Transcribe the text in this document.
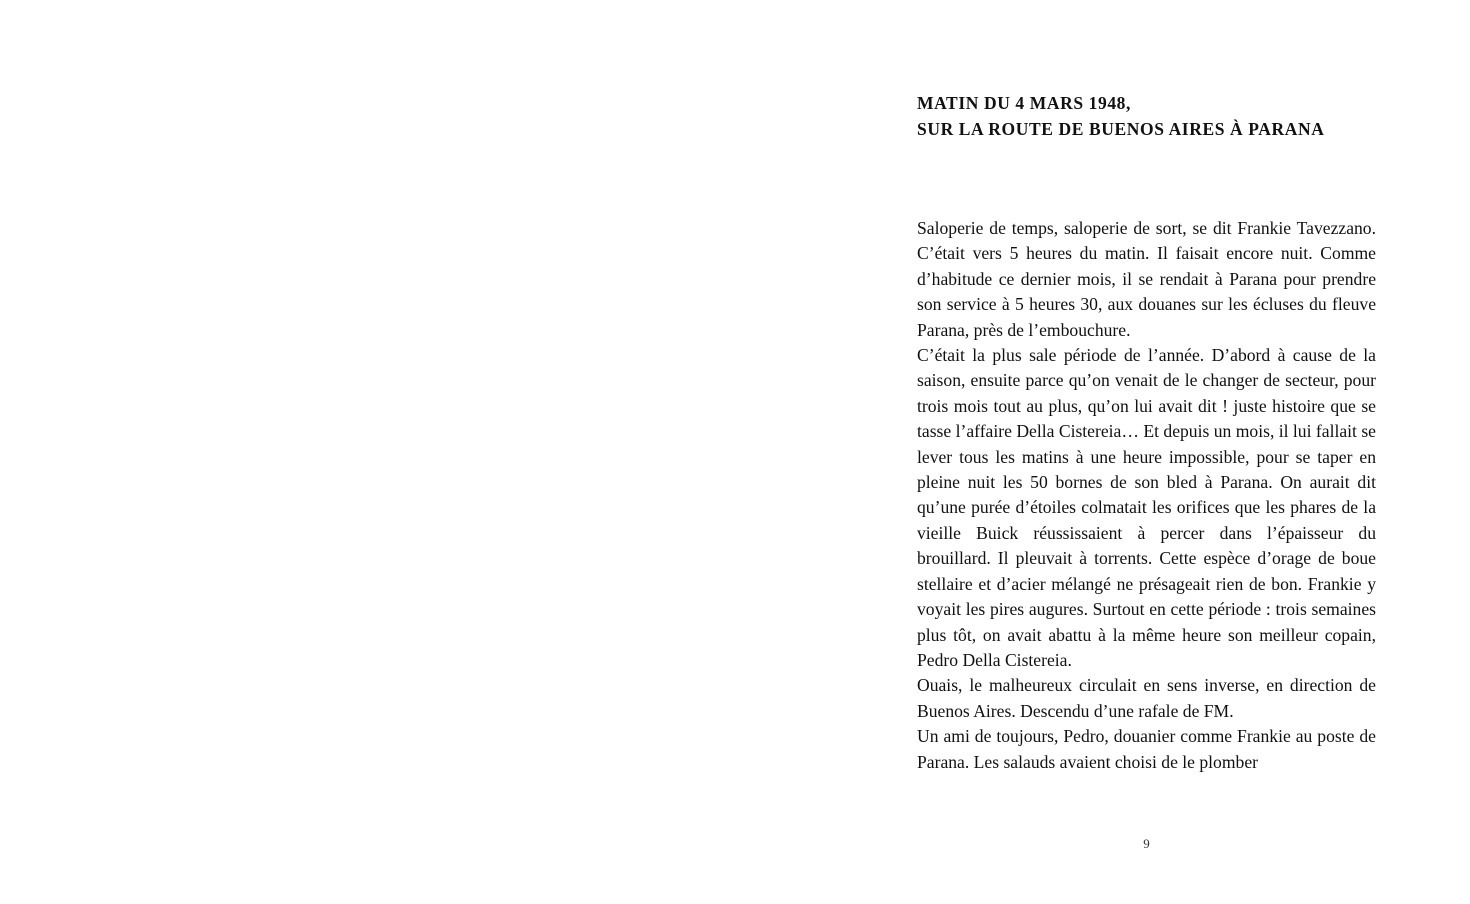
MATIN DU 4 MARS 1948,
SUR LA ROUTE DE BUENOS AIRES À PARANA

Saloperie de temps, saloperie de sort, se dit Frankie Tavezzano. C’était vers 5 heures du matin. Il faisait encore nuit. Comme d’habitude ce dernier mois, il se rendait à Parana pour prendre son service à 5 heures 30, aux douanes sur les écluses du fleuve Parana, près de l’embouchure.

C’était la plus sale période de l’année. D’abord à cause de la saison, ensuite parce qu’on venait de le changer de secteur, pour trois mois tout au plus, qu’on lui avait dit ! juste histoire que se tasse l’affaire Della Cistereia… Et depuis un mois, il lui fallait se lever tous les matins à une heure impossible, pour se taper en pleine nuit les 50 bornes de son bled à Parana. On aurait dit qu’une purée d’étoiles colmatait les orifices que les phares de la vieille Buick réussissaient à percer dans l’épaisseur du brouillard. Il pleuvait à torrents. Cette espèce d’orage de boue stellaire et d’acier mélangé ne présageait rien de bon. Frankie y voyait les pires augures. Surtout en cette période : trois semaines plus tôt, on avait abattu à la même heure son meilleur copain, Pedro Della Cistereia.

Ouais, le malheureux circulait en sens inverse, en direction de Buenos Aires. Descendu d’une rafale de FM.

Un ami de toujours, Pedro, douanier comme Frankie au poste de Parana. Les salauds avaient choisi de le plomber

9
